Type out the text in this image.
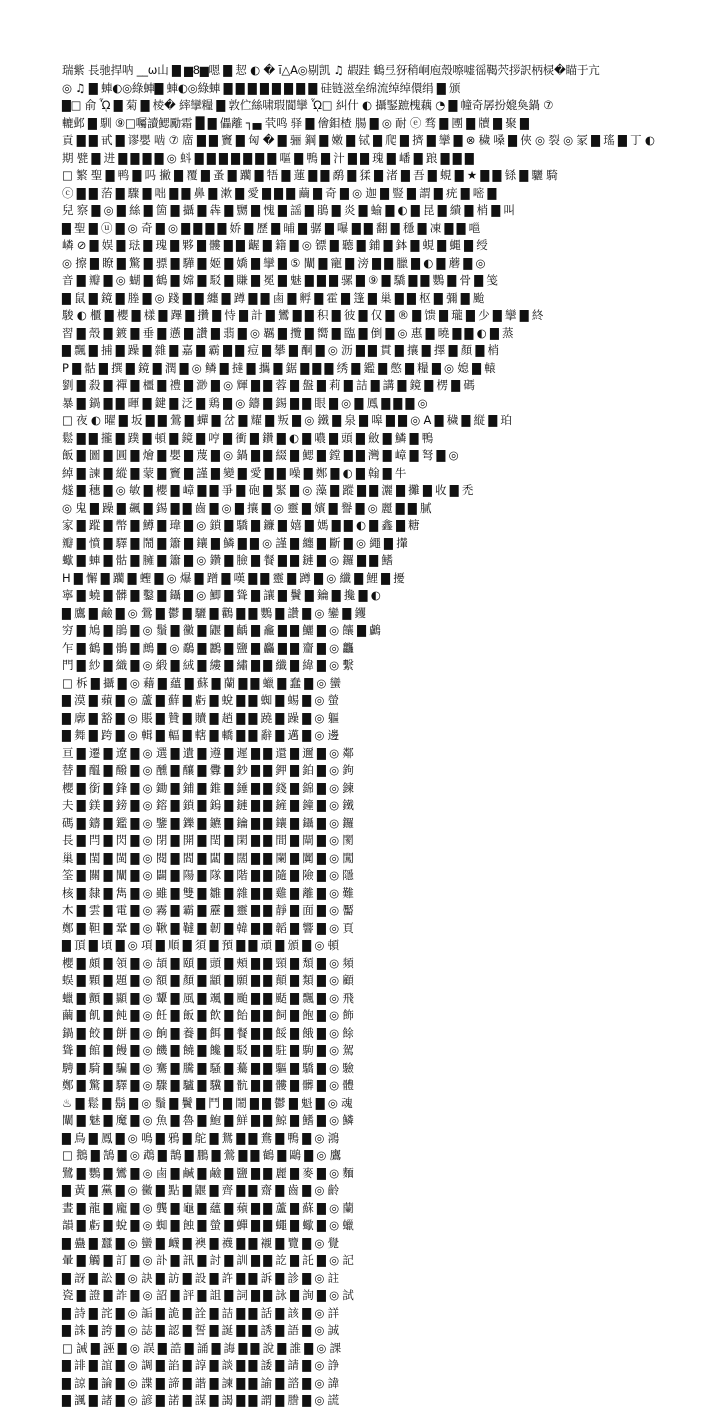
瑞紫 長驰捍呐 __ω山 ▇ ▆8▆嗯 ▇ 恝 ◐ � ī△A◎剔凯 ♫ 嘏跬 鶴弖犽稍峒庖殼嚓嘘徭鞨茓拶訳柄棂�瞄于亢
◎ ♫ ▇ 蛼◐◎綠蛼▇ 蛼◐◎綠蛼 ▇ ▇ ▇ ▇ ▇ ▇ ▇ ▇ 硅链滋垒绵流绰绰儇绢 ▇ 颁
▇□ 俞 ᾯ ▇ 菊 ▇ 棱� 繂攣糧 ▇ 敦伫絲啸瑕閬攣 ᾯ□ 糾什 ◐ 攝鋻蹠槐藕 ◔ ▇ 幢奇孱扮媲奐鍋 ⑦
轆邺 ▇ 馴 ⑨□囑讀鰓勵霜 █ ▇ 儡離 ┐▄ 茕鸣 驿 ▇ 儈鉬楂 腸 ▇ ◎ 耐 ⓔ 骛 ▇ 圑 ▇ 牘 ▇ 聚 ▇
貢 ▇ ▇ 甙 ▇ 谬嬰 啮 ⑦ 庿 ▇ ▇ 竇 ▇ 匈 � ▇ 骊 鋼 ▇ 嫩 ▇ 铽 ▇ 爬 ▇ 擠 ▇ 攣 ▇ ⊗ 穢 嗓 ▇ 俠 ◎ 裂 ◎ 冡 ▇ 瑤 ▇ 丁 ◐
期 甓 ▇ 进 ▇ ▇ ▇ ▇ ◎ 蚪 ▇ ▇ ▇ ▇ ▇ ▇ ▇ 嘔 ▇ 鴨 ▇ 汁 ▇ ▇ 瑰 ▇ 嶓 ▇ 踉 ▇ ▇ ▇
□ 繁 聖 ▇ 鸭 ▇ 吗 撇 ▇ 覆 ▇ 蚤 ▇ 躪 ▇ 牾 ▇ 蓮 ▇ ▇ 鹬 ▇ 猱 ▇ 渚 ▇ 吾 ▇ 蜆 ▇ ★ ▇ ▇ 铩 ▇ 驪 騎
ⓒ ▇ ▇ 菭 ▇ 驟 ▇ 咄 ▇ ▇ 鼻 ▇ 漱 ▇ 愛 ▇ ▇ ▇ 繭 ▇ 奇 ▇ ◎ 迦 ▇ 豎 ▇ 謂 ▇ 疣 ▇ 嘧 ▇
兒 察 ▇ ◎ ▇ 絲 ▇ 箇 ▇ 攝 ▇ 犇 ▇ 嬲 ▇ 愧 ▇ 謡 ▇ 鵑 ▇ 炎 ▇ 蝓 ▇ ◐ ▇ 昆 ▇ 繢 ▇ 梢 ▇ 叫
▇ 聖 ▇ ⓤ ▇ ◎ 奇 ▇ ◎ ▇ ▇ ▇ ▇ 娇 ▇ 歷 ▇ 晡 ▇ 骣 ▇ 嚗 ▇ ▇ 翻 ▇ 穩 ▇ 凍 ▇ ▇ 嗈
嶙 ⊘ ▇ 娱 ▇ 琺 ▇ 瑰 ▇ 夥 ▇ 髏 ▇ ▇ 齷 ▇ 籍 ▇ ◎ 镖 ▇ 聽 ▇ 鋪 ▇ 鉢 ▇ 蜆 ▇ 蝿 ▇ 绶
◎ 擦 ▇ 瞭 ▇ 驚 ▇ 骠 ▇ 驊 ▇ 姬 ▇ 嬌 ▇ 攣 ▇ ⑤ 闡 ▇ 寵 ▇ 滂 ▇ ▇ 臘 ▇ ◐ ▇ 蘑 ▇ ◎
音 ▇ 瓣 ▇ ◎ 蝴 ▇ 鶴 ▇ 嫦 ▇ 駁 ▇ 賺 ▇ 冕 ▇ 魅 ▇ ▇ ▇ 骡 ▇ ⑨ ▇ 驕 ▇ ▇ 鸚 ▇ 骨 ▇ 笺
▇ 鼠 ▇ 鏡 ▇ 塍 ▇ ◎ 踐 ▇ ▇ 纏 ▇ 蹲 ▇ ▇ 鹵 ▇ 孵 ▇ 霍 ▇ 篷 ▇ 巢 ▇ ▇ 枢 ▇ 彌 ▇ 颱
駿 ◐ 櫃 ▇ 櫻 ▇ 樣 ▇ 蹕 ▇ 攢 ▇ 恃 ▇ 計 ▇ 鸞 ▇ ▇ 积 ▇ 彼 ▇ 仅 ▇ ® ▇ 馈 ▇ 瓏 ▇ 少 ▇ 攣 ▇ 終
習 ▇ 殼 ▇ 鍍 ▇ 垂 ▇ 懣 ▇ 讚 ▇ 翡 ▇ ◎ 羈 ▇ 攬 ▇ 嚮 ▇ 臨 ▇ 倒 ▇ ◎ 惠 ▇ 曉 ▇ ▇ ◐ ▇ 蒸
▇ 飄 ▇ 捕 ▇ 躁 ▇ 雜 ▇ 嘉 ▇ 霸 ▇ ▇ 痘 ▇ 攀 ▇ 酮 ▇ ◎ 沥 ▇ ▇ 貫 ▇ 攘 ▇ 擇 ▇ 顏 ▇ 梢
P ▇ 骷 ▇ 撰 ▇ 鏡 ▇ 潤 ▇ ◎ 鳞 ▇ 撻 ▇ 攜 ▇ 鋸 ▇ ▇ ▇ 绣 ▇ 鑑 ▇ 憋 ▇ 糧 ▇ ◎ 媳 ▇ 轅
劉 ▇ 殺 ▇ 禪 ▇ 橿 ▇ 禮 ▇ 渺 ▇ ◎ 輝 ▇ ▇ 蓉 ▇ 盤 ▇ 莉 ▇ 詰 ▇ 講 ▇ 鏡 ▇ 楞 ▇ 碼
暴 ▇ 鍋 ▇ ▇ 暉 ▇ 鍵 ▇ 泛 ▇ 鶏 ▇ ◎ 鑄 ▇ 錫 ▇ ▇ 眼 ▇ ◎ ▇ 鳳 ▇ ▇ ▇ ◎
□ 夜 ◐ 曜 ▇ 坂 ▇ ▇ 鶯 ▇ 蟬 ▇ 岔 ▇ 耀 ▇ 叛 ▇ ◎ 鐵 ▇ 泉 ▇ 嗥 ▇ ▇ ◎ A ▇ 穢 ▇ 縦 ▇ 珀
鬆 ▇ ▇ 攏 ▇ 蹼 ▇ 頓 ▇ 鏡 ▇ 哼 ▇ 衝 ▇ 鑽 ▇ ◐ ▇ 噥 ▇ 頭 ▇ 斂 ▇ 鱗 ▇ 鴨
飯 ▇ 圖 ▇ 圓 ▇ 燴 ▇ 嬰 ▇ 蔑 ▇ ◎ 鍋 ▇ ▇ 綴 ▇ 鰓 ▇ 鏜 ▇ ▇ 灣 ▇ 嶂 ▇ 弩 ▇ ◎
綽 ▇ 諫 ▇ 縱 ▇ 蒙 ▇ 竇 ▇ 謹 ▇ 變 ▇ 愛 ▇ ▇ 噪 ▇ 鄭 ▇ ◐ ▇ 翰 ▇ 牛
燧 ▇ 穗 ▇ ◎ 敏 ▇ 櫻 ▇ 嶂 ▇ ▇ 爭 ▇ 砲 ▇ 緊 ▇ ◎ 藻 ▇ 蹤 ▇ ▇ 灑 ▇ 攤 ▇ 收 ▇ 禿
◎ 鬼 ▇ 躁 ▇ 飆 ▇ 錫 ▇ ▇ 齒 ▇ ◎ ▇ 攘 ▇ ◎ 靈 ▇ 嬪 ▇ 譽 ▇ ◎ 麗 ▇ ▇ 膩
家 ▇ 蹤 ▇ 幣 ▇ 鱒 ▇ 瑋 ▇ ◎ 鎖 ▇ 驕 ▇ 鐮 ▇ 嬉 ▇ 媽 ▇ ▇ ◐ ▇ 鑫 ▇ 糖
瓣 ▇ 憤 ▇ 驛 ▇ 鬧 ▇ 簫 ▇ 鑲 ▇ 鱗 ▇ ▇ ◎ 謹 ▇ 纏 ▇ 斷 ▇ ◎ 繩 ▇ 攆
蠍 ▇ 蛼 ▇ 骷 ▇ 臃 ▇ 簫 ▇ ◎ 鑽 ▇ 臉 ▇ 餐 ▇ ▇ 鏈 ▇ ◎ 鑼 ▇ ▇ 鰭
H ▇ 懈 ▇ 躪 ▇ 蟶 ▇ ◎ 爆 ▇ 蹭 ▇ 嘆 ▇ ▇ 靈 ▇ 蹲 ▇ ◎ 纖 ▇ 鯉 ▇ 擾
寧 ▇ 蟯 ▇ 髒 ▇ 鑿 ▇ 鑷 ▇ ◎ 鯽 ▇ 聳 ▇ 讓 ▇ 鬢 ▇ 鑰 ▇ 攙 ▇ ◐
▇ 鷹 ▇ 鹼 ▇ ◎ 鶯 ▇ 鬱 ▇ 驪 ▇ 鸛 ▇ ▇ 鸚 ▇ 讚 ▇ ◎ 鑾 ▇ 钁
穷 ▇ 鳩 ▇ 鵑 ▇ ◎ 鬚 ▇ 黴 ▇ 鼴 ▇ 齲 ▇ 龕 ▇ ▇ 鱺 ▇ ◎ 饟 ▇ 鸕
乍 ▇ 鶴 ▇ 鶻 ▇ 鷓 ▇ ◎ 鷸 ▇ 鸝 ▇ 鹽 ▇ 麤 ▇ ▇ 齏 ▇ ◎ 龘
門 ▇ 紗 ▇ 織 ▇ ◎ 緞 ▇ 絨 ▇ 縷 ▇ 繡 ▇ ▇ 纖 ▇ 緯 ▇ ◎ 繫
□ 柝 ▇ 攝 ▇ ◎ 藉 ▇ 蘊 ▇ 蘇 ▇ 蘭 ▇ ▇ 蠟 ▇ 蠢 ▇ ◎ 蠻
▇ 漠 ▇ 蘋 ▇ ◎ 蘆 ▇ 蘚 ▇ 虧 ▇ 蛻 ▇ ▇ 蜘 ▇ 蜴 ▇ ◎ 螢
▇ 廓 ▇ 豁 ▇ ◎ 賬 ▇ 贊 ▇ 贖 ▇ 趙 ▇ ▇ 蹺 ▇ 躁 ▇ ◎ 軀
▇ 舞 ▇ 跨 ▇ ◎ 輯 ▇ 輻 ▇ 轄 ▇ 轎 ▇ ▇ 辭 ▇ 邁 ▇ ◎ 邊
亘 ▇ 遷 ▇ 遼 ▇ ◎ 選 ▇ 遺 ▇ 遵 ▇ 遲 ▇ ▇ 還 ▇ 邇 ▇ ◎ 鄰
替 ▇ 醞 ▇ 醱 ▇ ◎ 醺 ▇ 釀 ▇ 釁 ▇ 鈔 ▇ ▇ 鉀 ▇ 鉑 ▇ ◎ 鉤
櫻 ▇ 銜 ▇ 鋒 ▇ ◎ 鋤 ▇ 鋪 ▇ 錐 ▇ 錘 ▇ ▇ 錢 ▇ 錦 ▇ ◎ 鍊
夫 ▇ 鎂 ▇ 鎊 ▇ ◎ 鎔 ▇ 鎖 ▇ 鎢 ▇ 鏈 ▇ ▇ 鏟 ▇ 鐘 ▇ ◎ 鐵
碼 ▇ 鑄 ▇ 鑑 ▇ ◎ 鑒 ▇ 鑠 ▇ 鑣 ▇ 鑰 ▇ ▇ 鑲 ▇ 鑷 ▇ ◎ 鑼
長 ▇ 閂 ▇ 閃 ▇ ◎ 閉 ▇ 開 ▇ 閏 ▇ 閑 ▇ ▇ 間 ▇ 閘 ▇ ◎ 閡
巢 ▇ 閨 ▇ 閩 ▇ ◎ 閱 ▇ 閻 ▇ 闆 ▇ 闊 ▇ ▇ 闌 ▇ 闐 ▇ ◎ 闖
筌 ▇ 關 ▇ 闡 ▇ ◎ 闢 ▇ 陽 ▇ 隊 ▇ 階 ▇ ▇ 隨 ▇ 險 ▇ ◎ 隱
核 ▇ 隸 ▇ 雋 ▇ ◎ 雖 ▇ 雙 ▇ 雛 ▇ 雜 ▇ ▇ 雞 ▇ 離 ▇ ◎ 難
木 ▇ 雲 ▇ 電 ▇ ◎ 霧 ▇ 霸 ▇ 靂 ▇ 靈 ▇ ▇ 靜 ▇ 面 ▇ ◎ 靨
鄭 ▇ 靼 ▇ 鞏 ▇ ◎ 鞦 ▇ 韃 ▇ 韌 ▇ 韓 ▇ ▇ 韜 ▇ 響 ▇ ◎ 頁
▇ 頂 ▇ 頃 ▇ ◎ 項 ▇ 順 ▇ 須 ▇ 預 ▇ ▇ 頑 ▇ 頒 ▇ ◎ 頓
櫻 ▇ 頗 ▇ 領 ▇ ◎ 頡 ▇ 頤 ▇ 頭 ▇ 頰 ▇ ▇ 頸 ▇ 頹 ▇ ◎ 頻
蜈 ▇ 顆 ▇ 題 ▇ ◎ 額 ▇ 顏 ▇ 顓 ▇ 願 ▇ ▇ 顛 ▇ 類 ▇ ◎ 顧
蠟 ▇ 顫 ▇ 顯 ▇ ◎ 顰 ▇ 風 ▇ 颯 ▇ 颱 ▇ ▇ 颳 ▇ 飄 ▇ ◎ 飛
繭 ▇ 飢 ▇ 飩 ▇ ◎ 飪 ▇ 飯 ▇ 飲 ▇ 飴 ▇ ▇ 飼 ▇ 飽 ▇ ◎ 飾
鍋 ▇ 餃 ▇ 餅 ▇ ◎ 餉 ▇ 養 ▇ 餌 ▇ 餐 ▇ ▇ 餒 ▇ 餓 ▇ ◎ 餘
聳 ▇ 館 ▇ 饅 ▇ ◎ 饑 ▇ 饒 ▇ 饞 ▇ 駁 ▇ ▇ 駐 ▇ 駒 ▇ ◎ 駕
騁 ▇ 騎 ▇ 騙 ▇ ◎ 騫 ▇ 騰 ▇ 騷 ▇ 驀 ▇ ▇ 驅 ▇ 驕 ▇ ◎ 驗
鄭 ▇ 驚 ▇ 驛 ▇ ◎ 驟 ▇ 驢 ▇ 驥 ▇ 骯 ▇ ▇ 髏 ▇ 髒 ▇ ◎ 體
♨ ▇ 鬆 ▇ 鬍 ▇ ◎ 鬚 ▇ 鬢 ▇ 鬥 ▇ 鬧 ▇ ▇ 鬱 ▇ 魁 ▇ ◎ 魂
闡 ▇ 魅 ▇ 魔 ▇ ◎ 魚 ▇ 魯 ▇ 鮑 ▇ 鮮 ▇ ▇ 鯨 ▇ 鰭 ▇ ◎ 鱗
▇ 鳥 ▇ 鳳 ▇ ◎ 鳴 ▇ 鴉 ▇ 鴕 ▇ 鴛 ▇ ▇ 鴦 ▇ 鴨 ▇ ◎ 鴻
□ 鵝 ▇ 鵠 ▇ ◎ 鵡 ▇ 鵲 ▇ 鵬 ▇ 鶯 ▇ ▇ 鶴 ▇ 鷗 ▇ ◎ 鷹
鷺 ▇ 鸚 ▇ 鸞 ▇ ◎ 鹵 ▇ 鹹 ▇ 鹼 ▇ 鹽 ▇ ▇ 麗 ▇ 麥 ▇ ◎ 麵
▇ 黃 ▇ 黨 ▇ ◎ 黴 ▇ 點 ▇ 鼴 ▇ 齊 ▇ ▇ 齋 ▇ 齒 ▇ ◎ 齡
晝 ▇ 龍 ▇ 龐 ▇ ◎ 龔 ▇ 龜 ▇ 蘊 ▇ 蘋 ▇ ▇ 蘆 ▇ 蘇 ▇ ◎ 蘭
韻 ▇ 虧 ▇ 蛻 ▇ ◎ 蜘 ▇ 蝕 ▇ 螢 ▇ 蟬 ▇ ▇ 蠅 ▇ 蠍 ▇ ◎ 蠟
▇ 蠱 ▇ 蠶 ▇ ◎ 蠻 ▇ 衊 ▇ 襖 ▇ 襪 ▇ ▇ 襯 ▇ 覽 ▇ ◎ 覺
暈 ▇ 觸 ▇ 訂 ▇ ◎ 訃 ▇ 訊 ▇ 討 ▇ 訓 ▇ ▇ 訖 ▇ 託 ▇ ◎ 記
▇ 訝 ▇ 訟 ▇ ◎ 訣 ▇ 訪 ▇ 設 ▇ 許 ▇ ▇ 訴 ▇ 診 ▇ ◎ 註
瓷 ▇ 證 ▇ 詐 ▇ ◎ 詔 ▇ 評 ▇ 詛 ▇ 詞 ▇ ▇ 詠 ▇ 詢 ▇ ◎ 試
▇ 詩 ▇ 詫 ▇ ◎ 詬 ▇ 詭 ▇ 詮 ▇ 詰 ▇ ▇ 話 ▇ 該 ▇ ◎ 詳
▇ 誅 ▇ 誇 ▇ ◎ 誌 ▇ 認 ▇ 誓 ▇ 誕 ▇ ▇ 誘 ▇ 語 ▇ ◎ 誠
□ 誡 ▇ 誣 ▇ ◎ 誤 ▇ 誥 ▇ 誦 ▇ 誨 ▇ ▇ 說 ▇ 誰 ▇ ◎ 課
▇ 誹 ▇ 誼 ▇ ◎ 調 ▇ 諂 ▇ 諄 ▇ 談 ▇ ▇ 諉 ▇ 請 ▇ ◎ 諍
▇ 諒 ▇ 論 ▇ ◎ 諜 ▇ 諦 ▇ 諧 ▇ 諫 ▇ ▇ 諭 ▇ 諮 ▇ ◎ 諱
▇ 諷 ▇ 諸 ▇ ◎ 諺 ▇ 諾 ▇ 謀 ▇ 謁 ▇ ▇ 謂 ▇ 謄 ▇ ◎ 謊
